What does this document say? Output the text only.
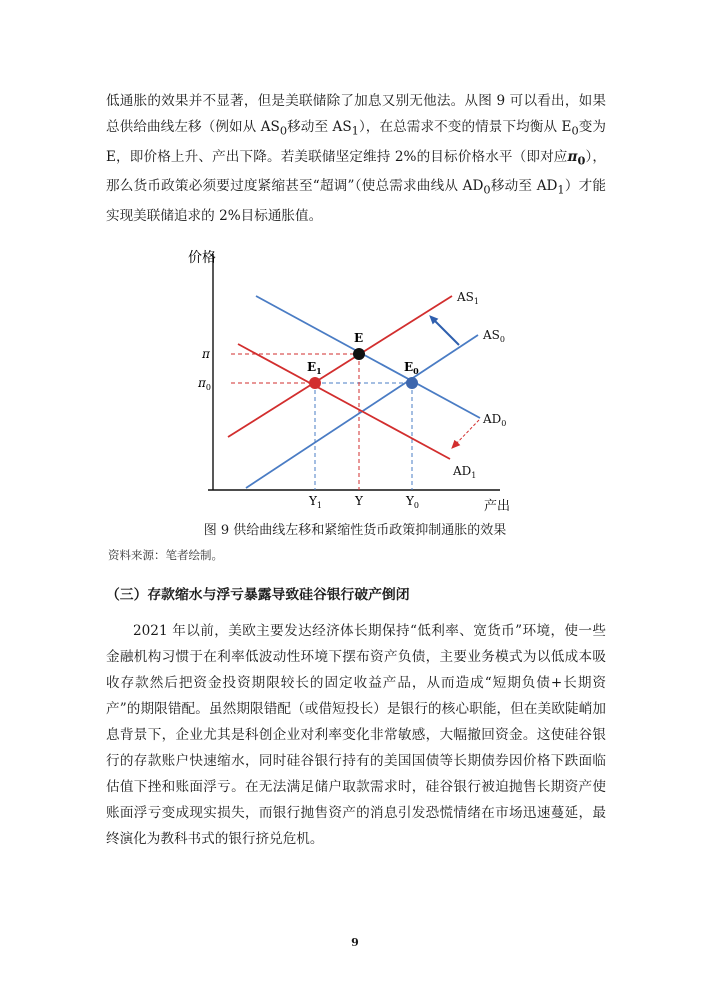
低通胀的效果并不显著，但是美联储除了加息又别无他法。从图 9 可以看出，如果总供给曲线左移（例如从 $AS_0$移动至 $AS_1$），在总需求不变的情景下均衡从 $E_0$变为 E，即价格上升、产出下降。若美联储坚定维持 2%的目标价格水平（即对应$\pi_0$），那么货币政策必须要过度紧缩甚至“超调”（使总需求曲线从 $AD_0$移动至 $AD_1$）才能实现美联储追求的 2%目标通胀值。
价格
产出
$AS_1$
$AS_0$
$AD_0$
$AD_1$
π
$\pi_0$
$Y_1$	Y	$Y_0$
E
$E_1$	$E_0$
图 9 供给曲线左移和紧缩性货币政策抑制通胀的效果
资料来源：笔者绘制。
（三）存款缩水与浮亏暴露导致硅谷银行破产倒闭
2021 年以前，美欧主要发达经济体长期保持“低利率、宽货币”环境，使一些金融机构习惯于在利率低波动性环境下摆布资产负债，主要业务模式为以低成本吸收存款然后把资金投资期限较长的固定收益产品，从而造成“短期负债+长期资产”的期限错配。虽然期限错配（或借短投长）是银行的核心职能，但在美欧陡峭加息背景下，企业尤其是科创企业对利率变化非常敏感，大幅撤回资金。这使硅谷银行的存款账户快速缩水，同时硅谷银行持有的美国国债等长期债券因价格下跌面临估值下挫和账面浮亏。在无法满足储户取款需求时，硅谷银行被迫抛售长期资产使账面浮亏变成现实损失，而银行抛售资产的消息引发恐慌情绪在市场迅速蔓延，最终演化为教科书式的银行挤兑危机。
9
